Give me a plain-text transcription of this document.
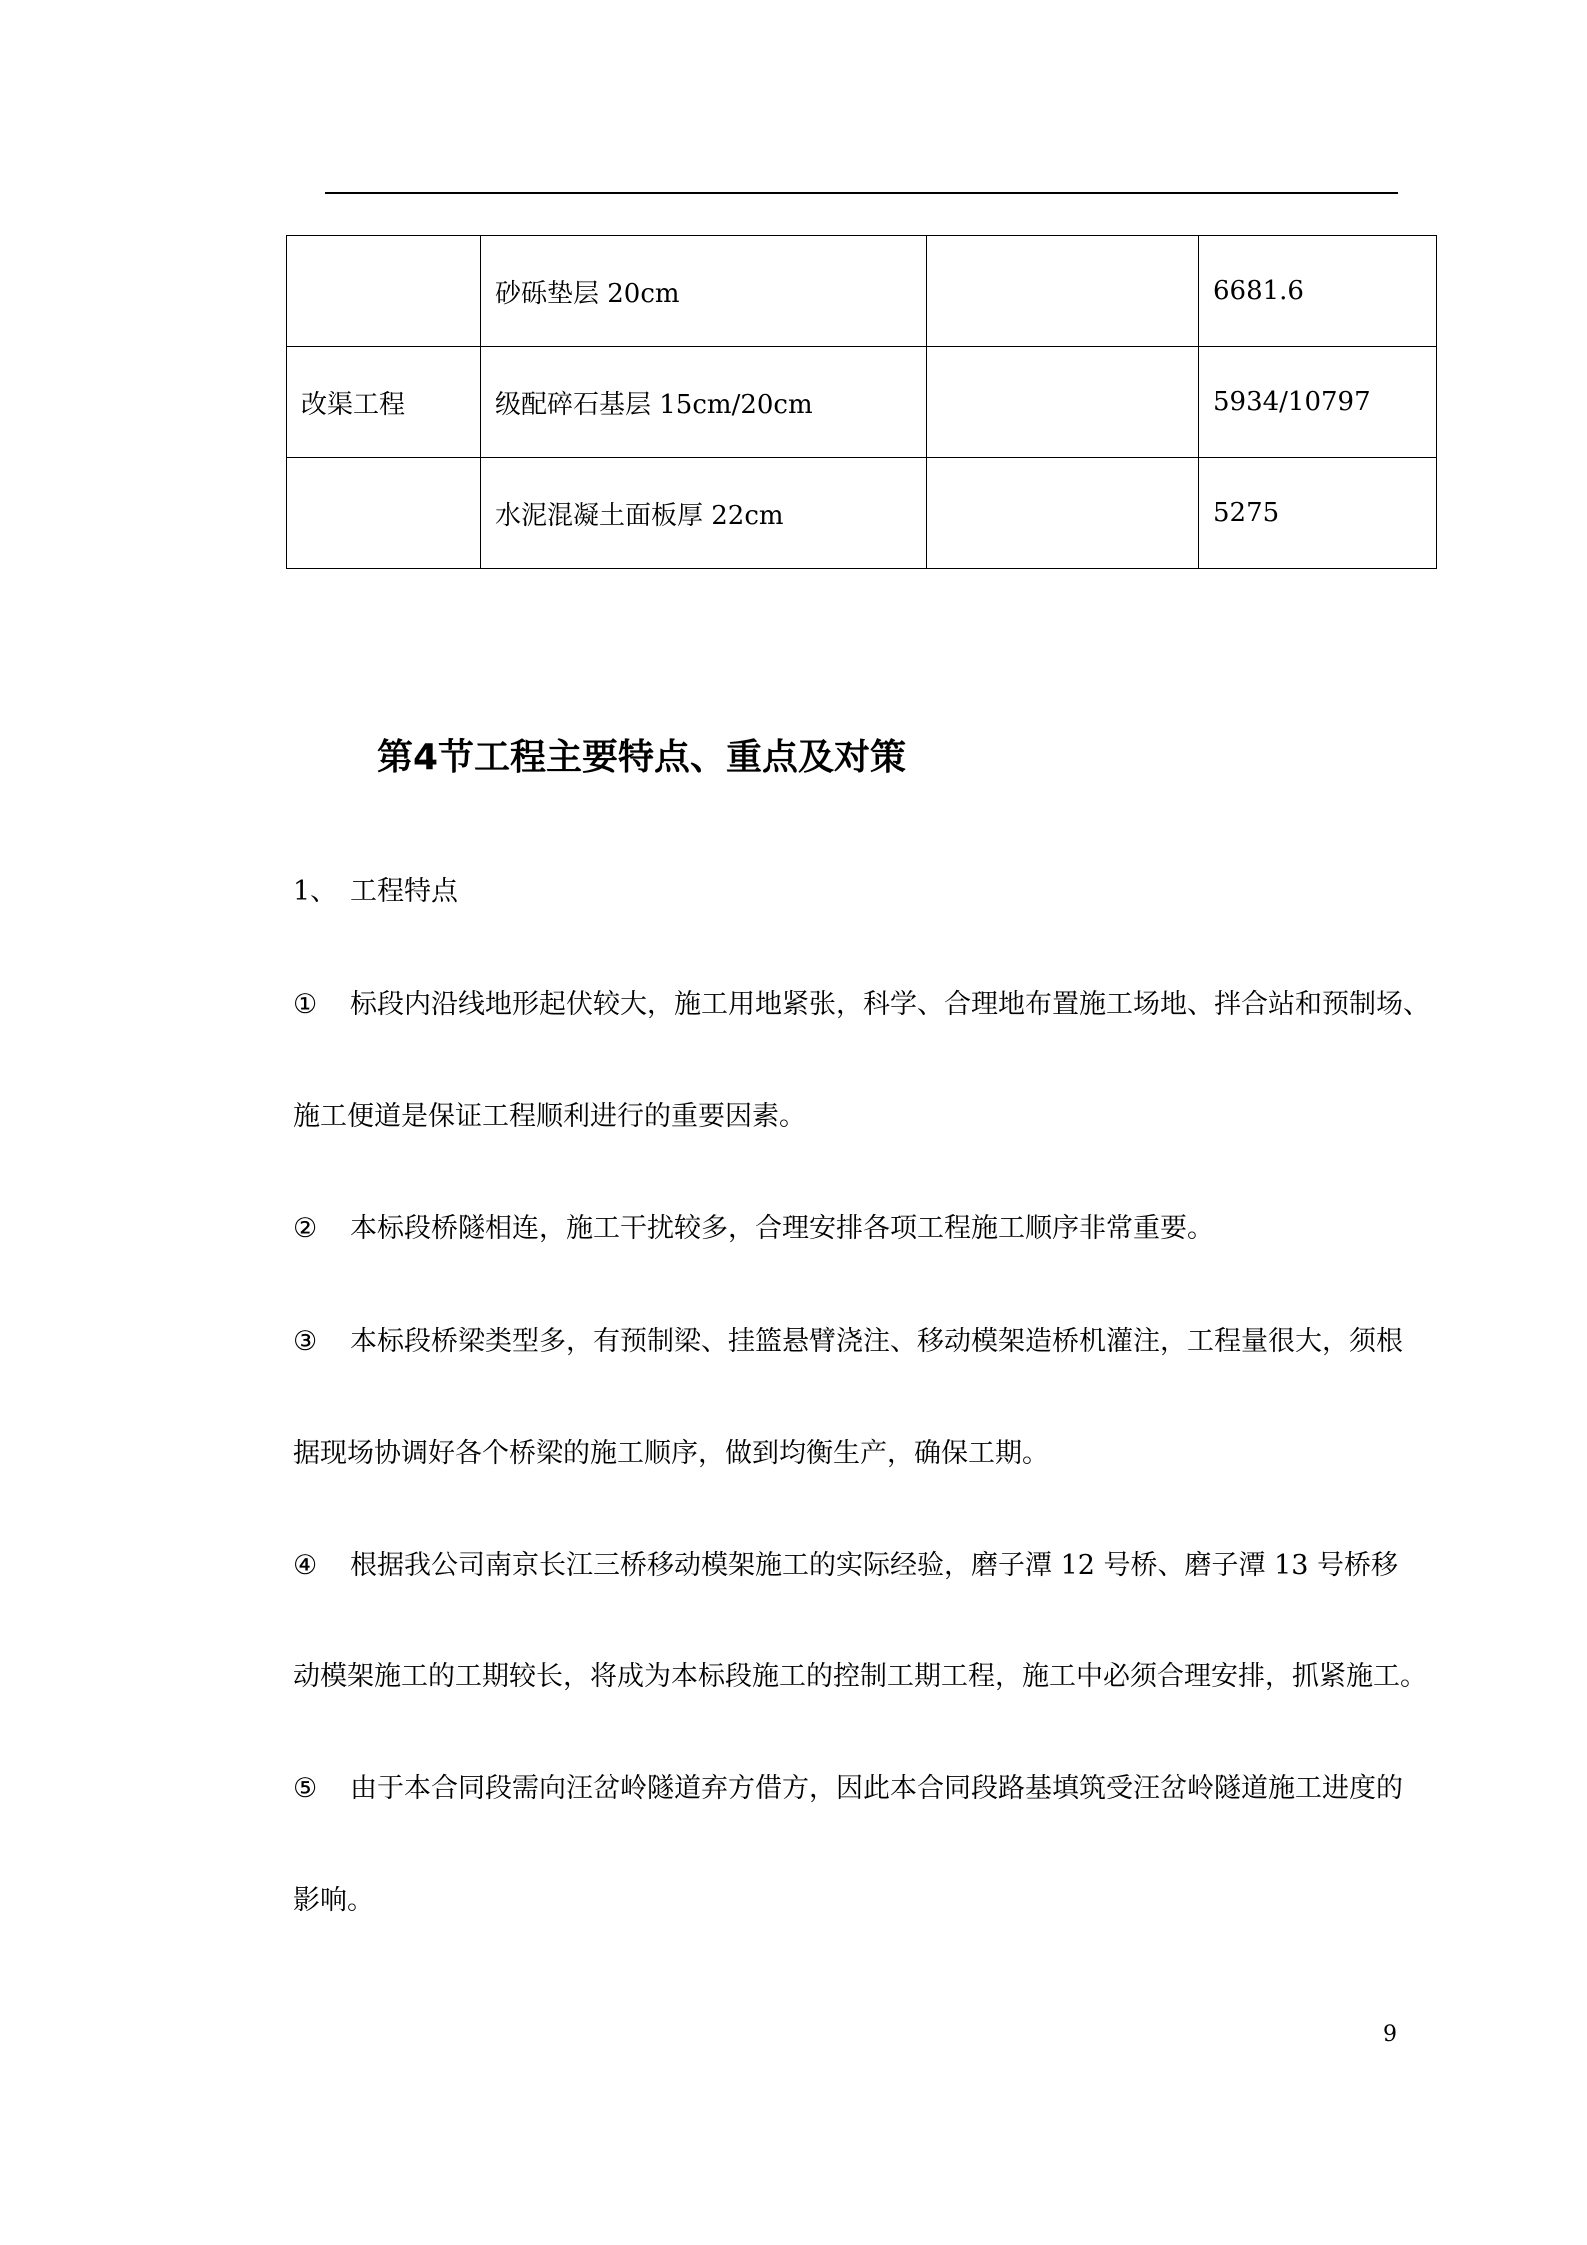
	砂砾垫层 20cm		6681.6
改渠工程	级配碎石基层 15cm/20cm		5934/10797
	水泥混凝土面板厚 22cm		5275
第4节工程主要特点、重点及对策
1、 工程特点
① 标段内沿线地形起伏较大，施工用地紧张，科学、合理地布置施工场地、拌合站和预制场、
施工便道是保证工程顺利进行的重要因素。
② 本标段桥隧相连，施工干扰较多，合理安排各项工程施工顺序非常重要。
③ 本标段桥梁类型多，有预制梁、挂篮悬臂浇注、移动模架造桥机灌注，工程量很大，须根
据现场协调好各个桥梁的施工顺序，做到均衡生产，确保工期。
④ 根据我公司南京长江三桥移动模架施工的实际经验，磨子潭 12 号桥、磨子潭 13 号桥移
动模架施工的工期较长，将成为本标段施工的控制工期工程，施工中必须合理安排，抓紧施工。
⑤ 由于本合同段需向汪岔岭隧道弃方借方，因此本合同段路基填筑受汪岔岭隧道施工进度的
影响。
9
